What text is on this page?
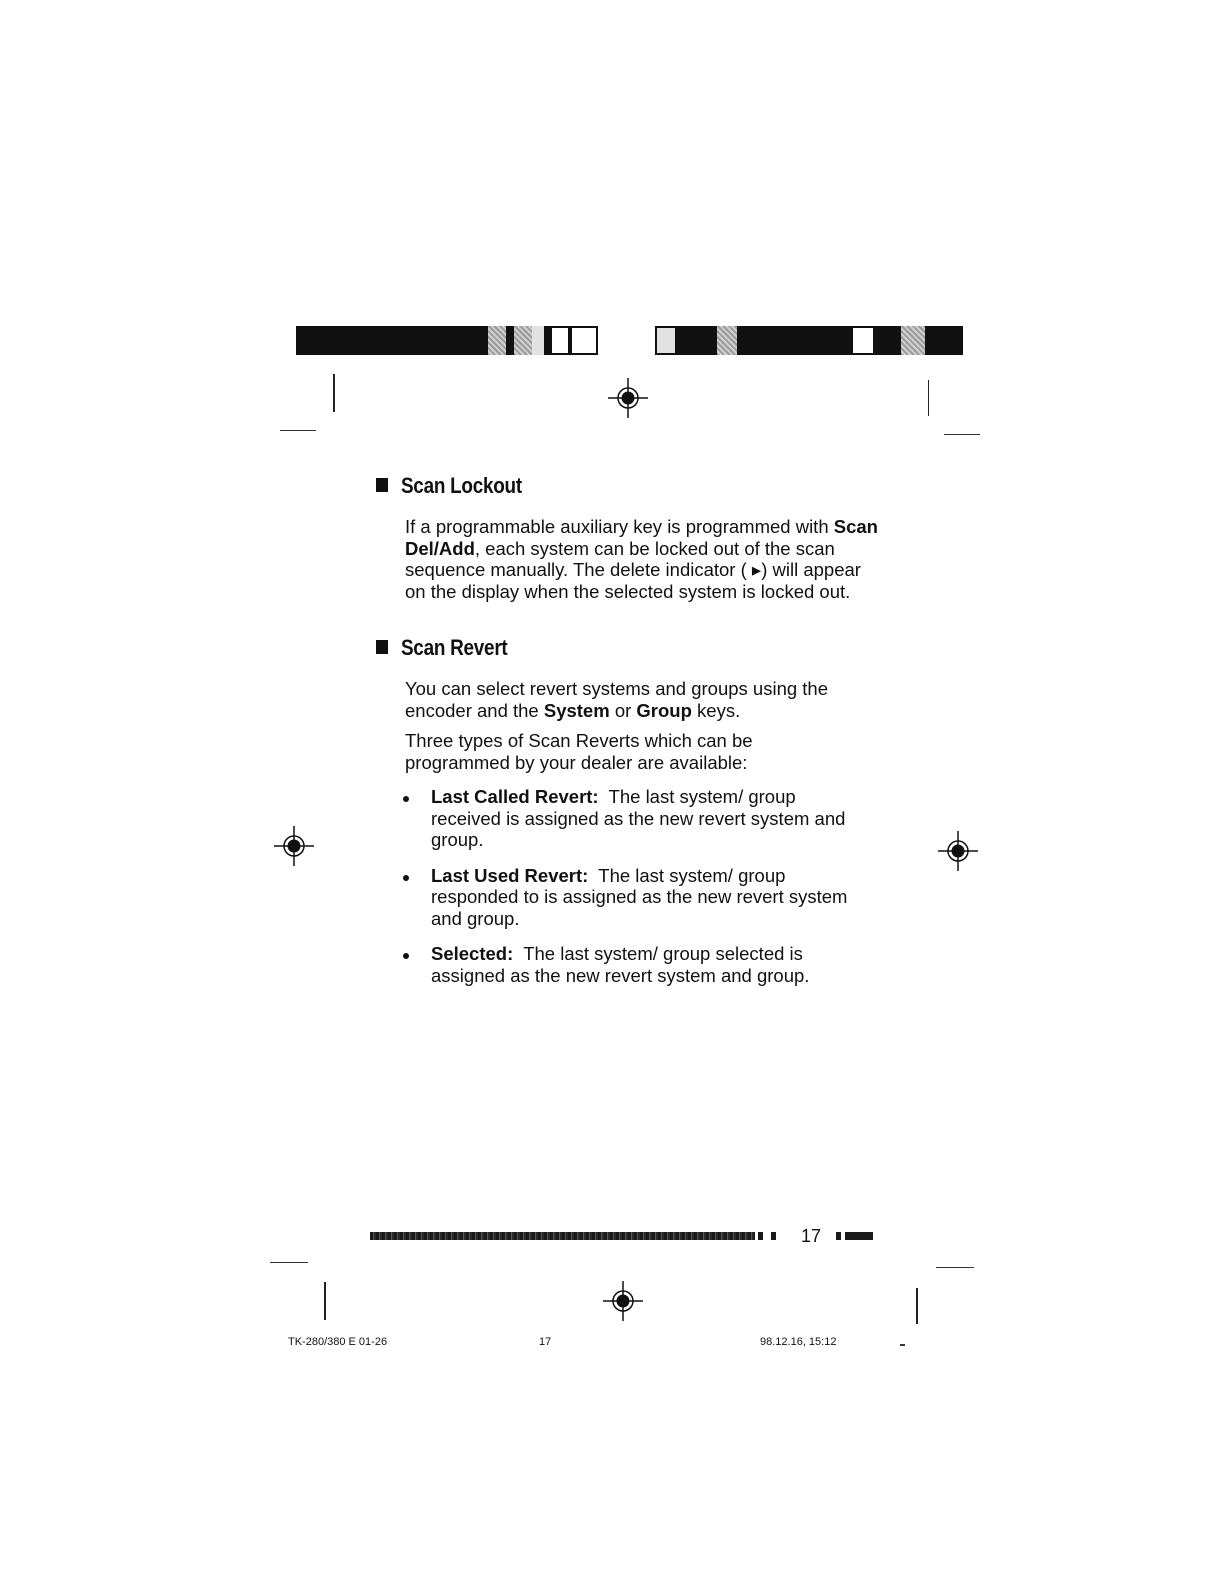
Scan Lockout
If a programmable auxiliary key is programmed with Scan Del/Add, each system can be locked out of the scan sequence manually. The delete indicator ( ▸) will appear on the display when the selected system is locked out.
Scan Revert
You can select revert systems and groups using the encoder and the System or Group keys.
Three types of Scan Reverts which can be programmed by your dealer are available:
Last Called Revert: The last system/ group received is assigned as the new revert system and group.
Last Used Revert: The last system/ group responded to is assigned as the new revert system and group.
Selected: The last system/ group selected is assigned as the new revert system and group.
17
TK-280/380 E 01-26	17	98.12.16, 15:12
